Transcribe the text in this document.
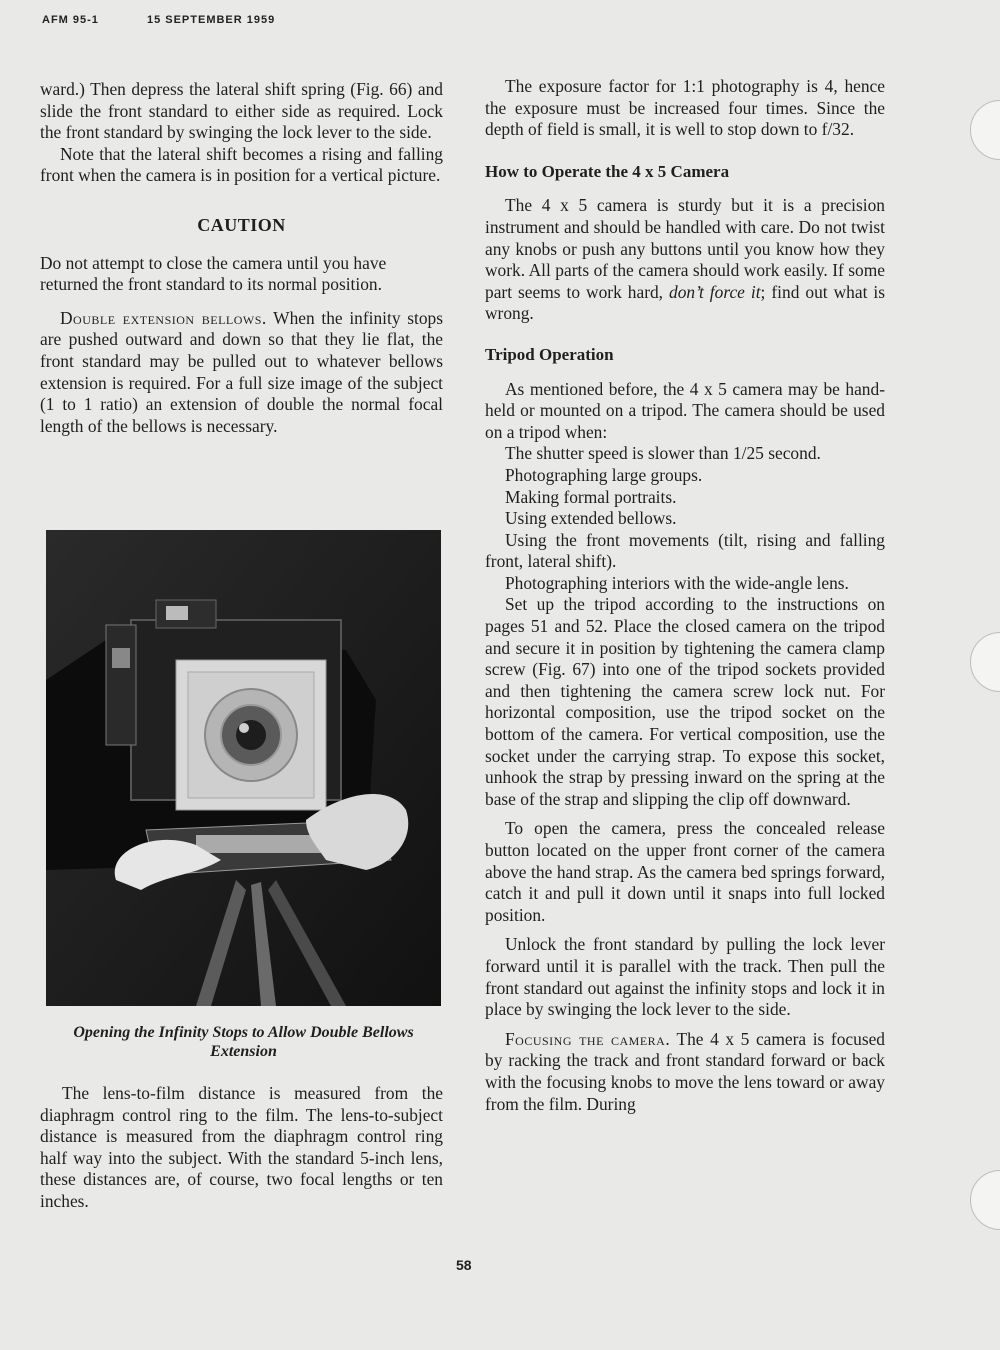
AFM 95-1	15 SEPTEMBER 1959

ward.) Then depress the lateral shift spring (Fig. 66) and slide the front standard to either side as required. Lock the front standard by swinging the lock lever to the side.

Note that the lateral shift becomes a rising and falling front when the camera is in position for a vertical picture.

CAUTION

Do not attempt to close the camera until you have returned the front standard to its normal position.

Double extension bellows. When the infinity stops are pushed outward and down so that they lie flat, the front standard may be pulled out to whatever bellows extension is required. For a full size image of the subject (1 to 1 ratio) an extension of double the normal focal length of the bellows is necessary.

Opening the Infinity Stops to Allow Double Bellows Extension

The lens-to-film distance is measured from the diaphragm control ring to the film. The lens-to-subject distance is measured from the diaphragm control ring half way into the subject. With the standard 5-inch lens, these distances are, of course, two focal lengths or ten inches.

The exposure factor for 1:1 photography is 4, hence the exposure must be increased four times. Since the depth of field is small, it is well to stop down to f/32.

How to Operate the 4 x 5 Camera

The 4 x 5 camera is sturdy but it is a precision instrument and should be handled with care. Do not twist any knobs or push any buttons until you know how they work. All parts of the camera should work easily. If some part seems to work hard, don’t force it; find out what is wrong.

Tripod Operation

As mentioned before, the 4 x 5 camera may be hand-held or mounted on a tripod. The camera should be used on a tripod when:

The shutter speed is slower than 1/25 second.

Photographing large groups.

Making formal portraits.

Using extended bellows.

Using the front movements (tilt, rising and falling front, lateral shift).

Photographing interiors with the wide-angle lens.

Set up the tripod according to the instructions on pages 51 and 52. Place the closed camera on the tripod and secure it in position by tightening the camera clamp screw (Fig. 67) into one of the tripod sockets provided and then tightening the camera screw lock nut. For horizontal composition, use the tripod socket on the bottom of the camera. For vertical composition, use the socket under the carrying strap. To expose this socket, unhook the strap by pressing inward on the spring at the base of the strap and slipping the clip off downward.

To open the camera, press the concealed release button located on the upper front corner of the camera above the hand strap. As the camera bed springs forward, catch it and pull it down until it snaps into full locked position.

Unlock the front standard by pulling the lock lever forward until it is parallel with the track. Then pull the front standard out against the infinity stops and lock it in place by swinging the lock lever to the side.

Focusing the camera. The 4 x 5 camera is focused by racking the track and front standard forward or back with the focusing knobs to move the lens toward or away from the film. During

58
